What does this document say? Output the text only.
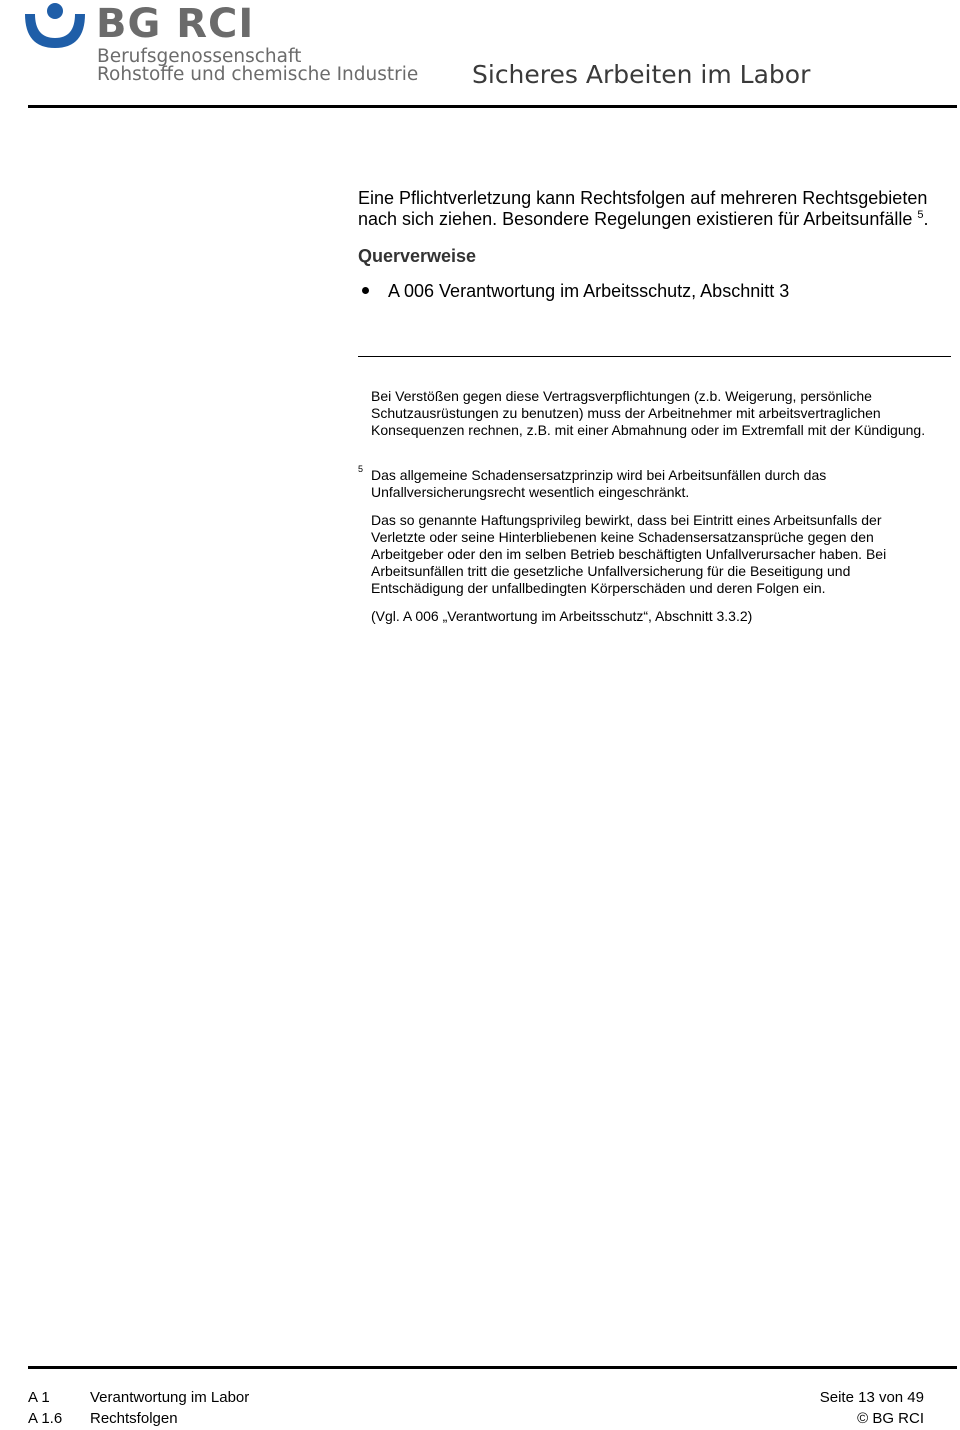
BG RCI
Berufsgenossenschaft
Rohstoffe und chemische Industrie Sicheres Arbeiten im Labor
Eine Pflichtverletzung kann Rechtsfolgen auf mehreren Rechtsgebieten nach sich ziehen. Besondere Regelungen existieren für Arbeitsunfälle $^5$.
Querverweise
A 006 Verantwortung im Arbeitsschutz, Abschnitt 3
Bei Verstößen gegen diese Vertragsverpflichtungen (z.b. Weigerung, persönliche Schutzausrüstungen zu benutzen) muss der Arbeitnehmer mit arbeitsvertraglichen Konsequenzen rechnen, z.B. mit einer Abmahnung oder im Extremfall mit der Kündigung.
5 Das allgemeine Schadensersatzprinzip wird bei Arbeitsunfällen durch das Unfallversicherungsrecht wesentlich eingeschränkt.
Das so genannte Haftungsprivileg bewirkt, dass bei Eintritt eines Arbeitsunfalls der Verletzte oder seine Hinterbliebenen keine Schadensersatzansprüche gegen den Arbeitgeber oder den im selben Betrieb beschäftigten Unfallverursacher haben. Bei Arbeitsunfällen tritt die gesetzliche Unfallversicherung für die Beseitigung und Entschädigung der unfallbedingten Körperschäden und deren Folgen ein.
(Vgl. A 006 „Verantwortung im Arbeitsschutz“, Abschnitt 3.3.2)
A 1	Verantwortung im Labor
A 1.6 Rechtsfolgen
Seite 13 von 49
© BG RCI
